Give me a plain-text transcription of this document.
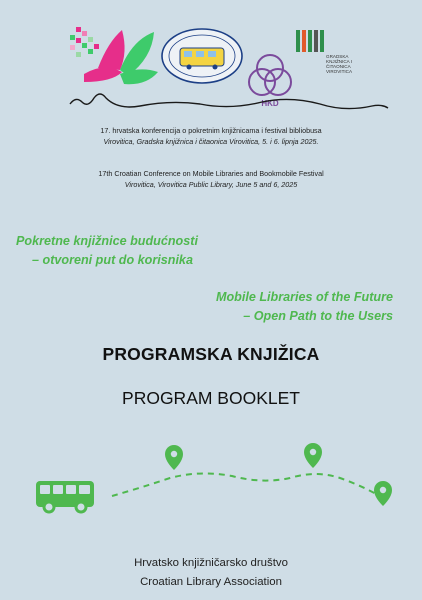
HKD
GRADSKA
KNJIŽNICA I
ČITAONICA
VIROVITICA
17. hrvatska konferencija o pokretnim knjižnicama i festival bibliobusa
Virovitica, Gradska knjižnica i čitaonica Virovitica, 5. i 6. lipnja 2025.
17th Croatian Conference on Mobile Libraries and Bookmobile Festival
Virovitica, Virovitica Public Library, June 5 and 6, 2025
Pokretne knjižnice budućnosti
– otvoreni put do korisnika
Mobile Libraries of the Future
– Open Path to the Users
PROGRAMSKA KNJIŽICA
PROGRAM BOOKLET
Hrvatsko knjižničarsko društvo
Croatian Library Association
